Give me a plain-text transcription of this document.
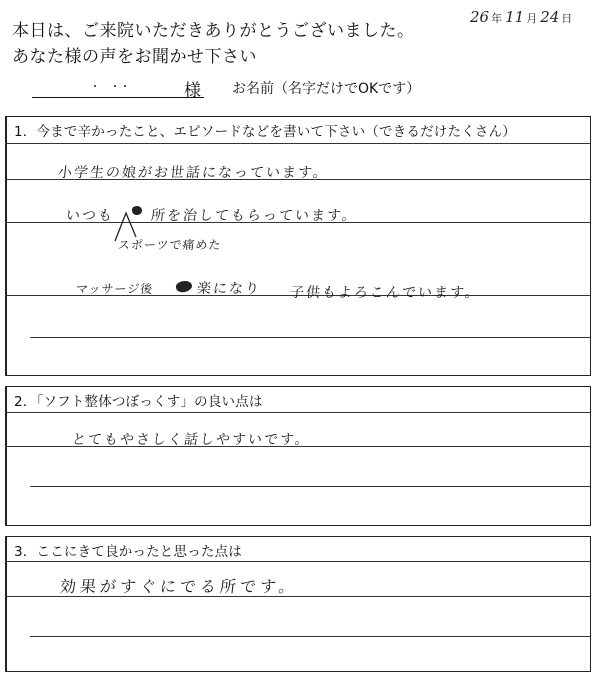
本日は、ご来院いただきありがとうございました。
あなた様の声をお聞かせ下さい
26 年 11 月 24 日
様 お名前（名字だけでOKです）
1．今まで辛かったこと、エピソードなどを書いて下さい（できるだけたくさん）
小学生の娘がお世話になっています。
いつも	所を治してもらっています。
スポーツで痛めた
マッサージ後	楽になり 子供もよろこんでいます。
2．「ソフト整体つぼっくす」の良い点は
とてもやさしく話しやすいです。
3．ここにきて良かったと思った点は
効果がすぐにでる所です。
